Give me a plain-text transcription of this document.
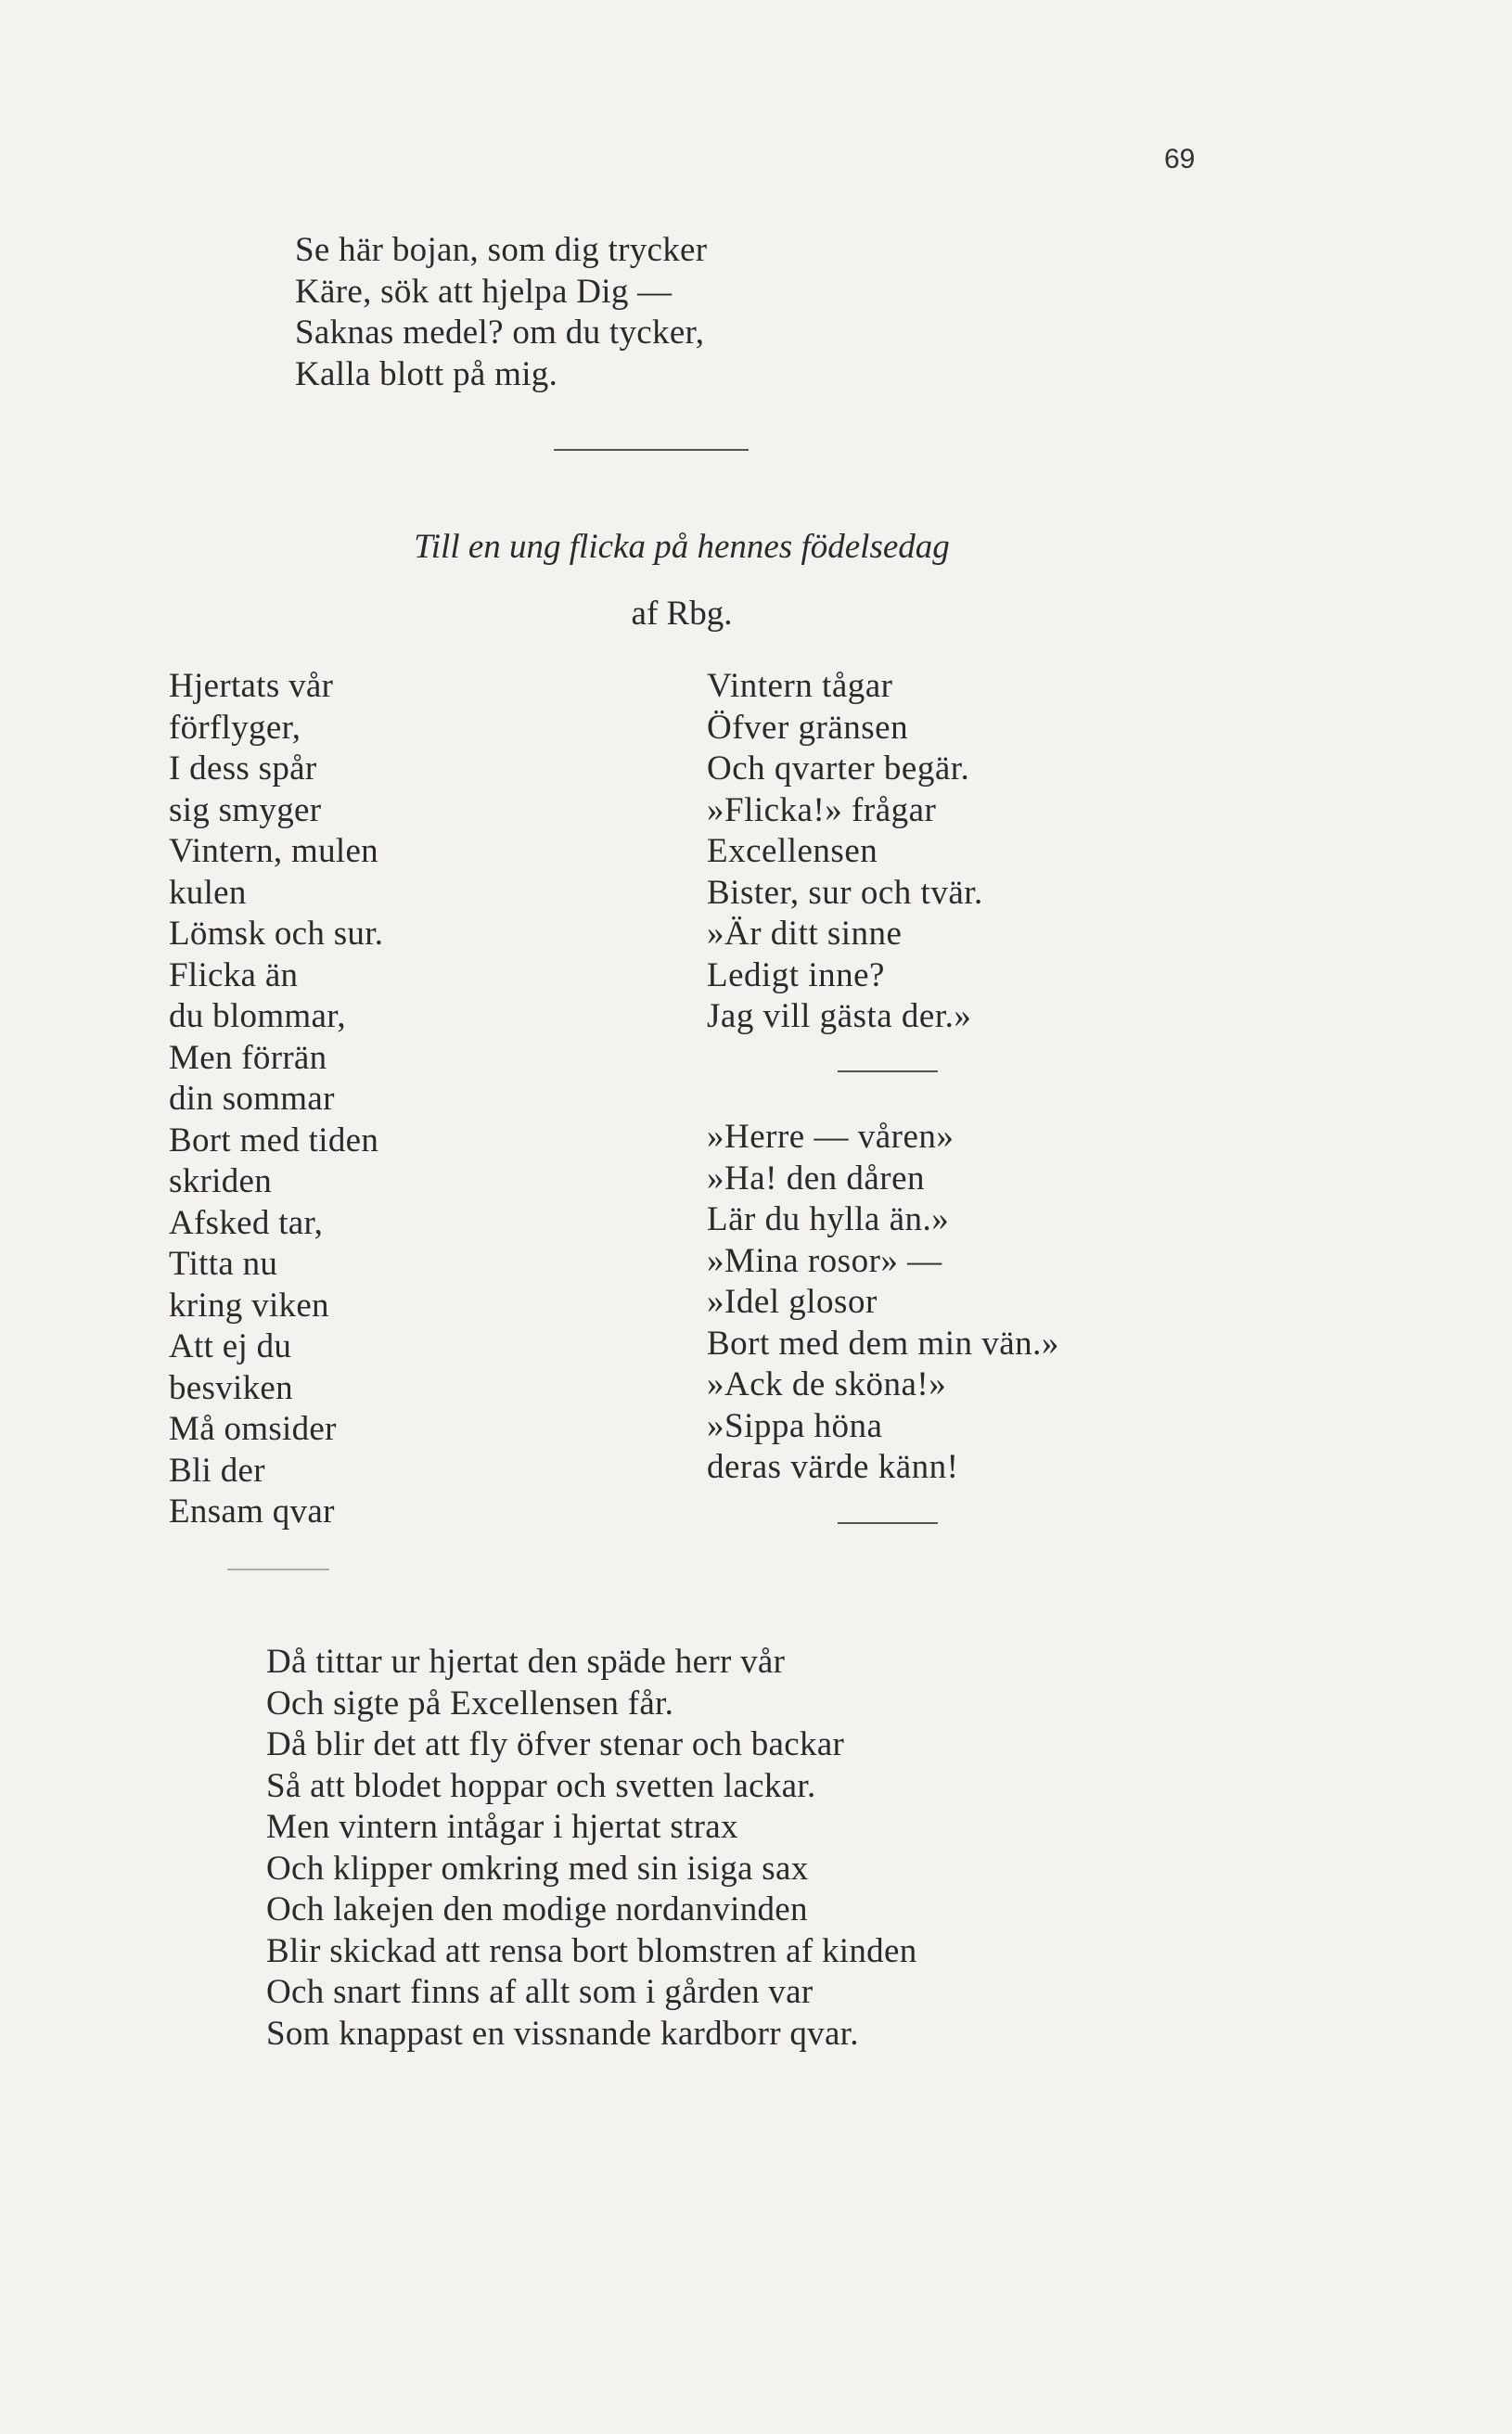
69
Se här bojan, som dig trycker
Käre, sök att hjelpa Dig —
Saknas medel? om du tycker,
Kalla blott på mig.
Till en ung flicka på hennes födelsedag
af Rbg.
Hjertats vår
förflyger,
I dess spår
sig smyger
Vintern, mulen
kulen
Lömsk och sur.
Flicka än
du blommar,
Men förrän
din sommar
Bort med tiden
skriden
Afsked tar,
Titta nu
kring viken
Att ej du
besviken
Må omsider
Bli der
Ensam qvar
Vintern tågar
Öfver gränsen
Och qvarter begär.
»Flicka!» frågar
Excellensen
Bister, sur och tvär.
»Är ditt sinne
Ledigt inne?
Jag vill gästa der.»
»Herre — våren»
»Ha! den dåren
Lär du hylla än.»
»Mina rosor» —
»Idel glosor
Bort med dem min vän.»
»Ack de sköna!»
»Sippa höna
deras värde känn!
Då tittar ur hjertat den späde herr vår
Och sigte på Excellensen får.
Då blir det att fly öfver stenar och backar
Så att blodet hoppar och svetten lackar.
Men vintern intågar i hjertat strax
Och klipper omkring med sin isiga sax
Och lakejen den modige nordanvinden
Blir skickad att rensa bort blomstren af kinden
Och snart finns af allt som i gården var
Som knappast en vissnande kardborr qvar.
